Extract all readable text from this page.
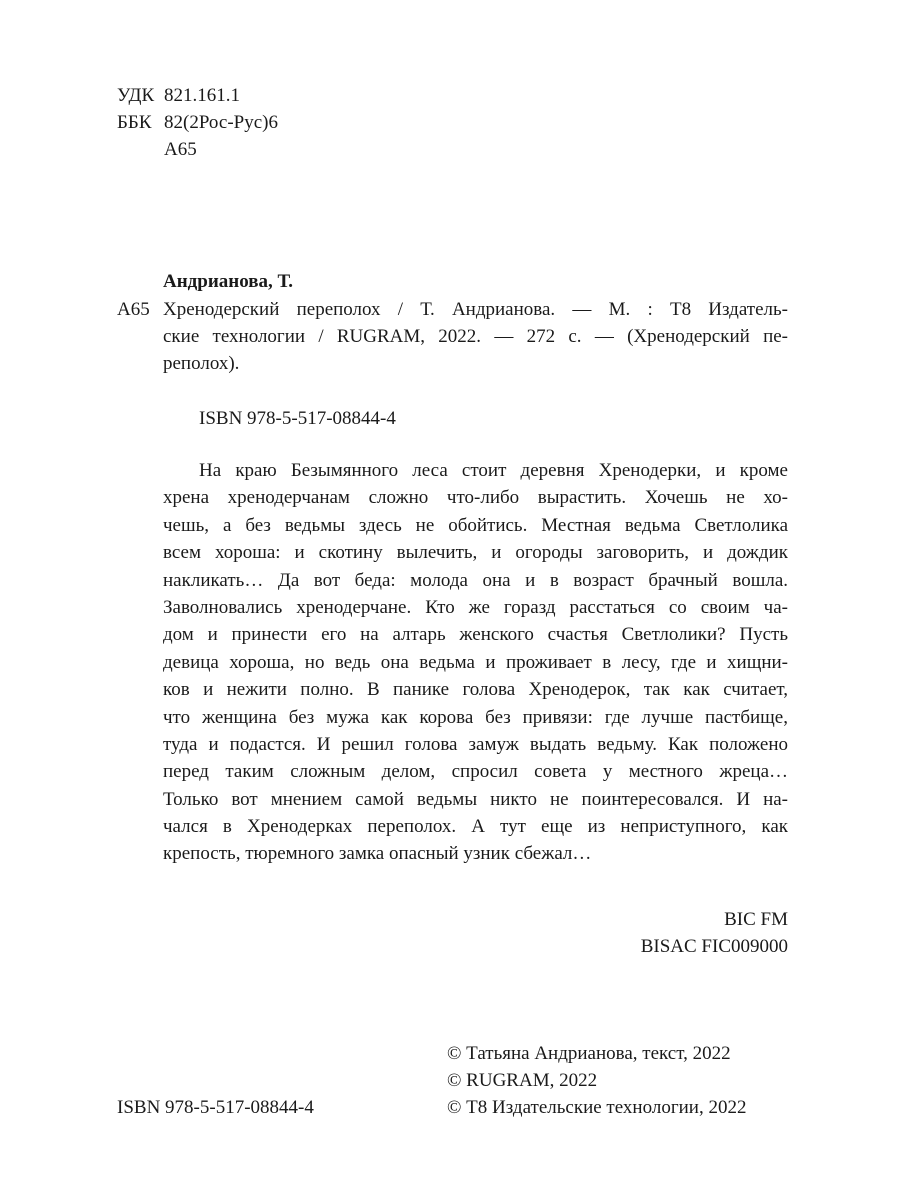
УДК 821.161.1
ББК 82(2Рос-Рус)6
А65
Андрианова, Т.
А65 Хренодерский переполох / Т. Андрианова. — М. : Т8 Издатель-
ские технологии / RUGRAM, 2022. — 272 с. — (Хренодерский пе-
реполох).
ISBN 978-5-517-08844-4
На краю Безымянного леса стоит деревня Хренодерки, и кроме
хрена хренодерчанам сложно что-либо вырастить. Хочешь не хо-
чешь, а без ведьмы здесь не обойтись. Местная ведьма Светлолика
всем хороша: и скотину вылечить, и огороды заговорить, и дождик
накликать… Да вот беда: молода она и в возраст брачный вошла.
Заволновались хренодерчане. Кто же горазд расстаться со своим ча-
дом и принести его на алтарь женского счастья Светлолики? Пусть
девица хороша, но ведь она ведьма и проживает в лесу, где и хищни-
ков и нежити полно. В панике голова Хренодерок, так как считает,
что женщина без мужа как корова без привязи: где лучше пастбище,
туда и подастся. И решил голова замуж выдать ведьму. Как положено
перед таким сложным делом, спросил совета у местного жреца…
Только вот мнением самой ведьмы никто не поинтересовался. И на-
чался в Хренодерках переполох. А тут еще из неприступного, как
крепость, тюремного замка опасный узник сбежал…
BIC FM
BISAC FIC009000
ISBN 978-5-517-08844-4
© Татьяна Андрианова, текст, 2022
© RUGRAM, 2022
© Т8 Издательские технологии, 2022
